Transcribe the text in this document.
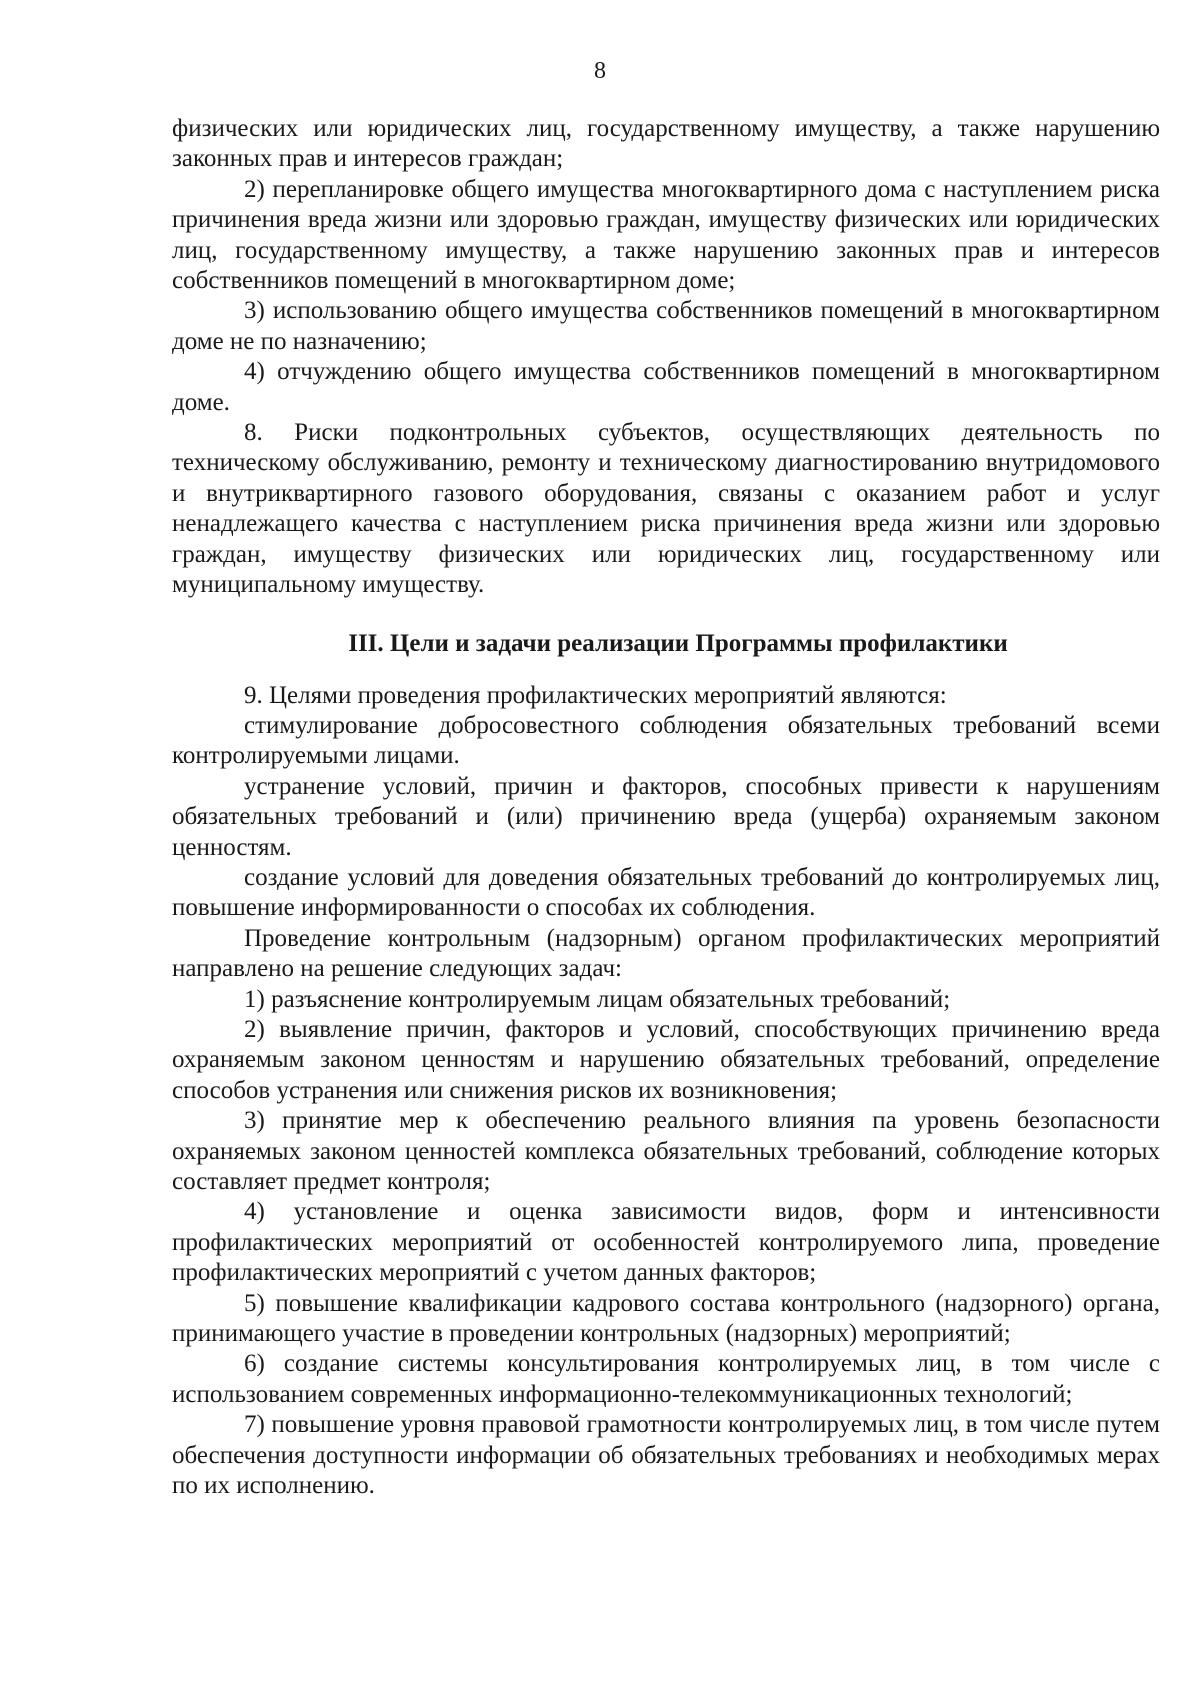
8

физических или юридических лиц, государственному имуществу, а также нарушению законных прав и интересов граждан;

2) перепланировке общего имущества многоквартирного дома с наступлением риска причинения вреда жизни или здоровью граждан, имуществу физических или юридических лиц, государственному имуществу, а также нарушению законных прав и интересов собственников помещений в многоквартирном доме;

3) использованию общего имущества собственников помещений в многоквартирном доме не по назначению;

4) отчуждению общего имущества собственников помещений в многоквартирном доме.

8. Риски подконтрольных субъектов, осуществляющих деятельность по техническому обслуживанию, ремонту и техническому диагностированию внутридомового и внутриквартирного газового оборудования, связаны с оказанием работ и услуг ненадлежащего качества с наступлением риска причинения вреда жизни или здоровью граждан, имуществу физических или юридических лиц, государственному или муниципальному имуществу.

III. Цели и задачи реализации Программы профилактики

9. Целями проведения профилактических мероприятий являются:

стимулирование добросовестного соблюдения обязательных требований всеми контролируемыми лицами.

устранение условий, причин и факторов, способных привести к нарушениям обязательных требований и (или) причинению вреда (ущерба) охраняемым законом ценностям.

создание условий для доведения обязательных требований до контролируемых лиц, повышение информированности о способах их соблюдения.

Проведение контрольным (надзорным) органом профилактических мероприятий направлено на решение следующих задач:

1) разъяснение контролируемым лицам обязательных требований;

2) выявление причин, факторов и условий, способствующих причинению вреда охраняемым законом ценностям и нарушению обязательных требований, определение способов устранения или снижения рисков их возникновения;

3) принятие мер к обеспечению реального влияния па уровень безопасности охраняемых законом ценностей комплекса обязательных требований, соблюдение которых составляет предмет контроля;

4) установление и оценка зависимости видов, форм и интенсивности профилактических мероприятий от особенностей контролируемого липа, проведение профилактических мероприятий с учетом данных факторов;

5) повышение квалификации кадрового состава контрольного (надзорного) органа, принимающего участие в проведении контрольных (надзорных) мероприятий;

6) создание системы консультирования контролируемых лиц, в том числе с использованием современных информационно-телекоммуникационных технологий;

7) повышение уровня правовой грамотности контролируемых лиц, в том числе путем обеспечения доступности информации об обязательных требованиях и необходимых мерах по их исполнению.
